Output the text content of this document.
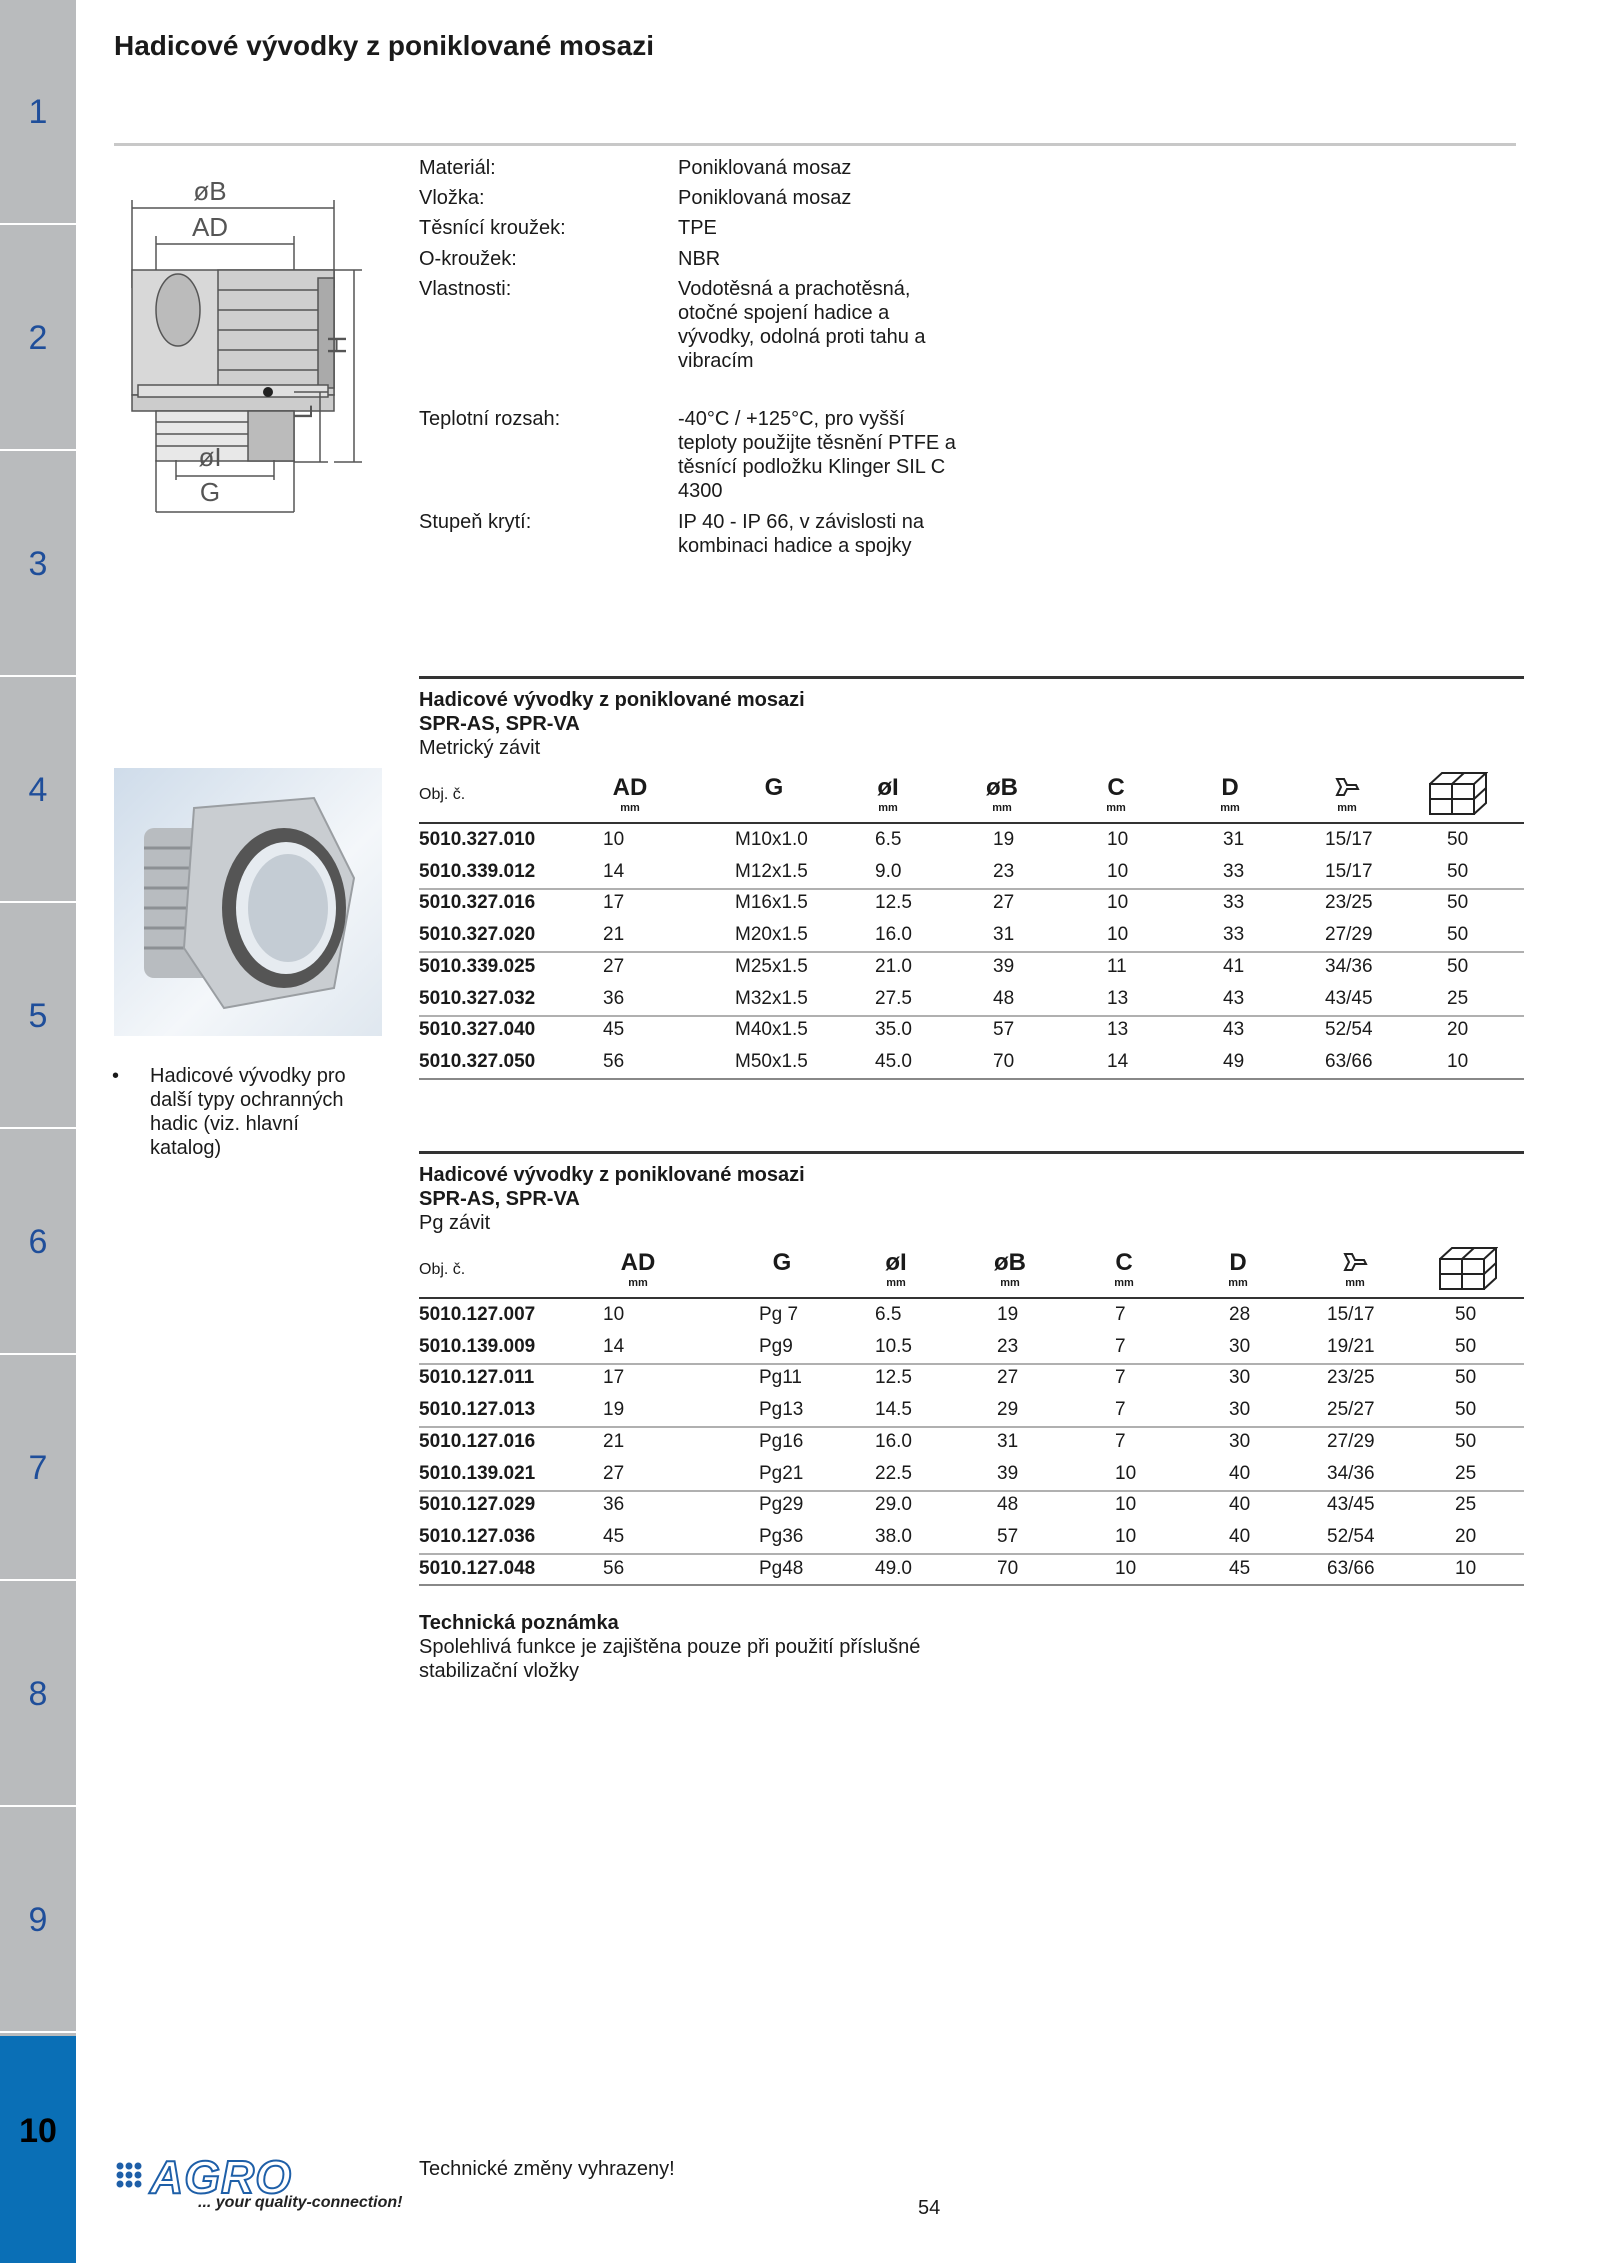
1
2
3
4
5
6
7
8
9
10
Hadicové vývodky z poniklované mosazi
øB
AD
H
L
øI
G
Materiál:	Poniklovaná mosaz
Vložka:	Poniklovaná mosaz
Těsnící kroužek:	TPE
O-kroužek:	NBR
Vlastnosti:	Vodotěsná a prachotěsná, otočné spojení hadice a vývodky, odolná proti tahu a vibracím
Teplotní rozsah:	-40°C / +125°C, pro vyšší teploty použijte těsnění PTFE a těsnící podložku Klinger SIL C 4300
Stupeň krytí:	IP 40 - IP 66, v závislosti na kombinaci hadice a spojky
•	Hadicové vývodky pro další typy ochranných hadic (viz. hlavní katalog)
Hadicové vývodky z poniklované mosazi
SPR-AS, SPR-VA
Metrický závit
Obj. č.	AD	G	øI	øB	C	D
mm	mm	mm	mm	mm	mm
5010.327.010	10	M10x1.0	6.5	19	10	31	15/17	50
5010.339.012	14	M12x1.5	9.0	23	10	33	15/17	50
5010.327.016	17	M16x1.5	12.5	27	10	33	23/25	50
5010.327.020	21	M20x1.5	16.0	31	10	33	27/29	50
5010.339.025	27	M25x1.5	21.0	39	11	41	34/36	50
5010.327.032	36	M32x1.5	27.5	48	13	43	43/45	25
5010.327.040	45	M40x1.5	35.0	57	13	43	52/54	20
5010.327.050	56	M50x1.5	45.0	70	14	49	63/66	10
Hadicové vývodky z poniklované mosazi
SPR-AS, SPR-VA
Pg závit
Obj. č.	AD	G	øI	øB	C	D
mm	mm	mm	mm	mm	mm
5010.127.007	10	Pg 7	6.5	19	7	28	15/17	50
5010.139.009	14	Pg9	10.5	23	7	30	19/21	50
5010.127.011	17	Pg11	12.5	27	7	30	23/25	50
5010.127.013	19	Pg13	14.5	29	7	30	25/27	50
5010.127.016	21	Pg16	16.0	31	7	30	27/29	50
5010.139.021	27	Pg21	22.5	39	10	40	34/36	25
5010.127.029	36	Pg29	29.0	48	10	40	43/45	25
5010.127.036	45	Pg36	38.0	57	10	40	52/54	20
5010.127.048	56	Pg48	49.0	70	10	45	63/66	10
Technická poznámka
Spolehlivá funkce je zajištěna pouze při použití příslušné stabilizační vložky
AGRO
... your quality-connection!
Technické změny vyhrazeny!
54
